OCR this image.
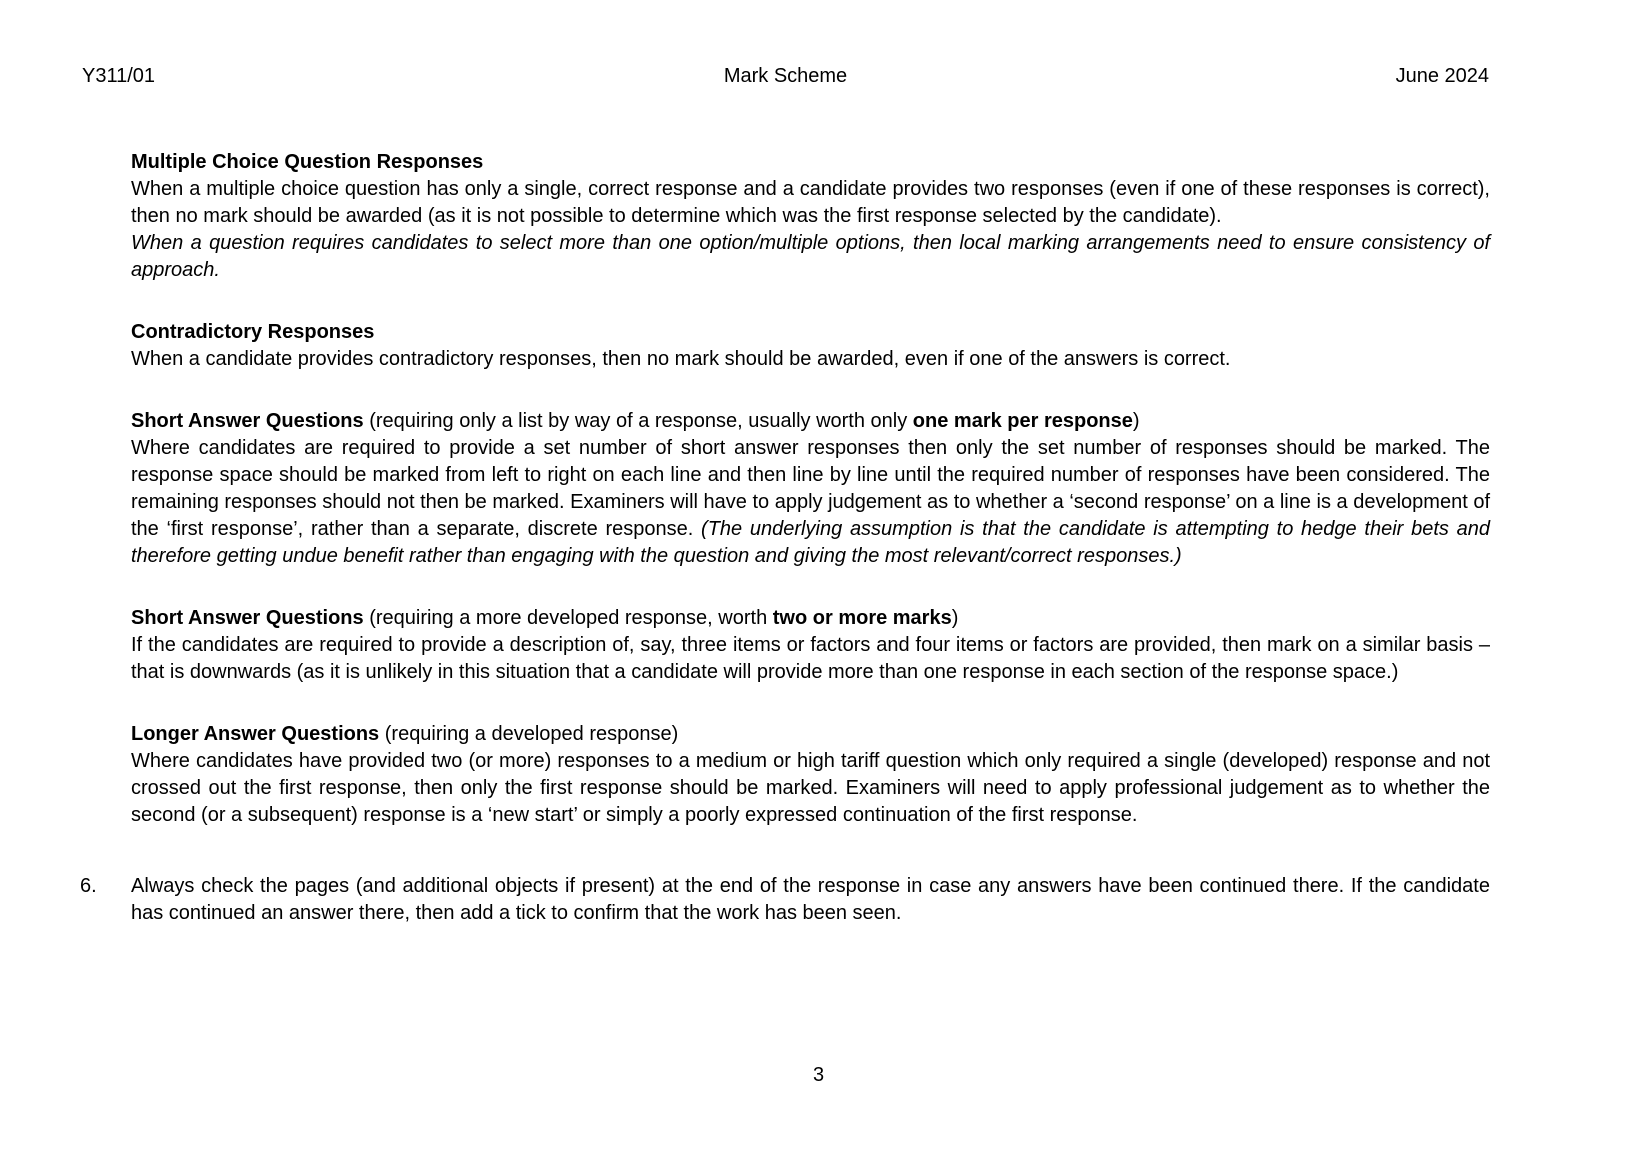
Y311/01	Mark Scheme	June 2024
Multiple Choice Question Responses

When a multiple choice question has only a single, correct response and a candidate provides two responses (even if one of these responses is correct), then no mark should be awarded (as it is not possible to determine which was the first response selected by the candidate).

When a question requires candidates to select more than one option/multiple options, then local marking arrangements need to ensure consistency of approach.

Contradictory Responses

When a candidate provides contradictory responses, then no mark should be awarded, even if one of the answers is correct.

Short Answer Questions (requiring only a list by way of a response, usually worth only one mark per response)

Where candidates are required to provide a set number of short answer responses then only the set number of responses should be marked. The response space should be marked from left to right on each line and then line by line until the required number of responses have been considered. The remaining responses should not then be marked. Examiners will have to apply judgement as to whether a ‘second response’ on a line is a development of the ‘first response’, rather than a separate, discrete response. (The underlying assumption is that the candidate is attempting to hedge their bets and therefore getting undue benefit rather than engaging with the question and giving the most relevant/correct responses.)

Short Answer Questions (requiring a more developed response, worth two or more marks)

If the candidates are required to provide a description of, say, three items or factors and four items or factors are provided, then mark on a similar basis – that is downwards (as it is unlikely in this situation that a candidate will provide more than one response in each section of the response space.)

Longer Answer Questions (requiring a developed response)

Where candidates have provided two (or more) responses to a medium or high tariff question which only required a single (developed) response and not crossed out the first response, then only the first response should be marked. Examiners will need to apply professional judgement as to whether the second (or a subsequent) response is a ‘new start’ or simply a poorly expressed continuation of the first response.

6.	Always check the pages (and additional objects if present) at the end of the response in case any answers have been continued there. If the candidate has continued an answer there, then add a tick to confirm that the work has been seen.
3
